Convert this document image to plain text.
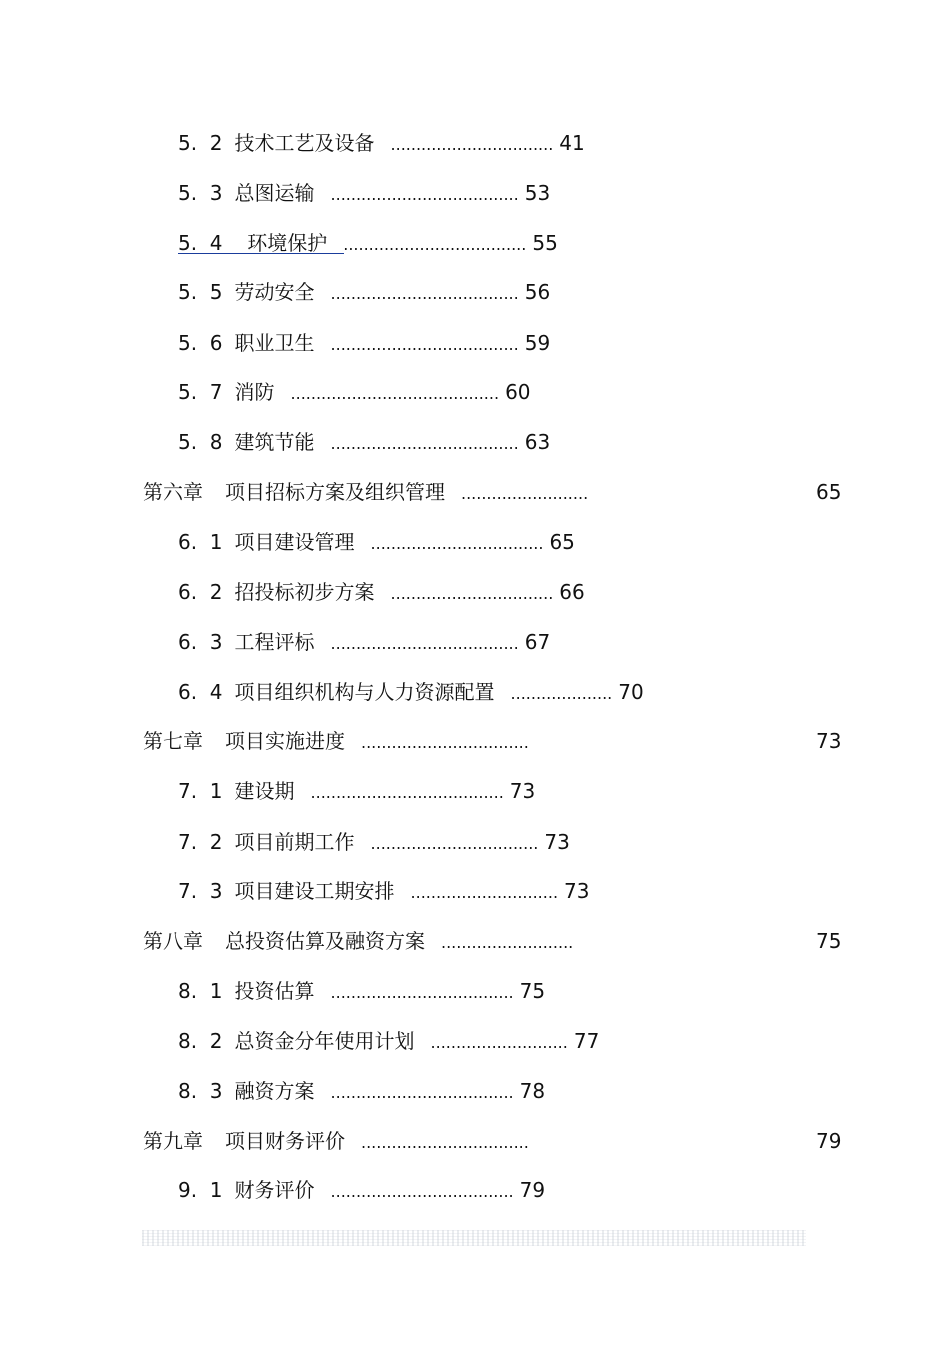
5.  2 技术工艺及设备 ................................ 41
5.  3 总图运输 ..................................... 53
5.  4  环境保护 .................................... 55
5.  5 劳动安全 ..................................... 56
5.  6 职业卫生 ..................................... 59
5.  7 消防 ......................................... 60
5.  8 建筑节能 ..................................... 63
第六章 项目招标方案及组织管理 .........................	65
6.  1 项目建设管理 .................................. 65
6.  2 招投标初步方案 ................................ 66
6.  3 工程评标 ..................................... 67
6.  4 项目组织机构与人力资源配置 .................... 70
第七章 项目实施进度 .................................	73
7.  1 建设期 ...................................... 73
7.  2 项目前期工作 ................................. 73
7.  3 项目建设工期安排 ............................. 73
第八章 总投资估算及融资方案 ..........................	75
8.  1 投资估算 .................................... 75
8.  2 总资金分年使用计划 ........................... 77
8.  3 融资方案 .................................... 78
第九章 项目财务评价 .................................	79
9.  1 财务评价 .................................... 79
